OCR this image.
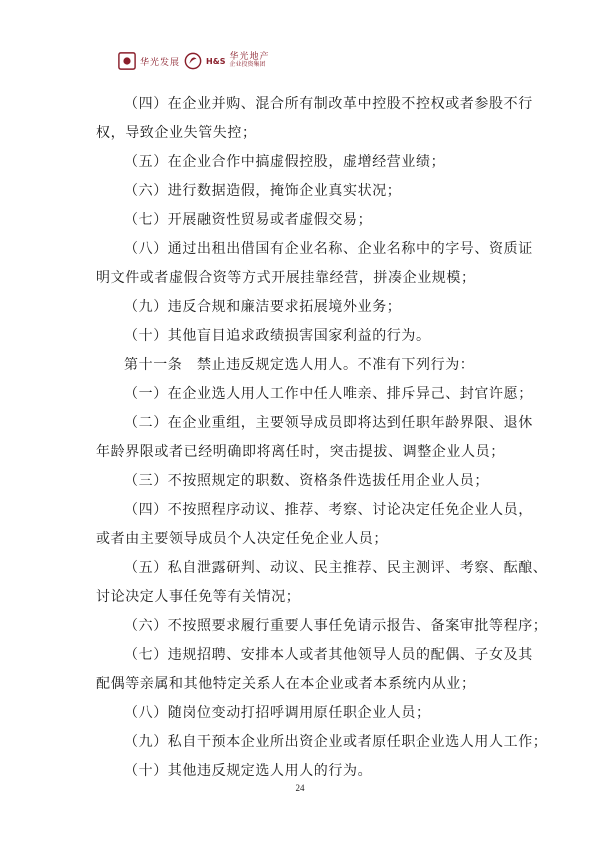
华光发展	H&S 华光地产
企业投资集团
（四）在企业并购、混合所有制改革中控股不控权或者参股不行
权，导致企业失管失控；
（五）在企业合作中搞虚假控股，虚增经营业绩；
（六）进行数据造假，掩饰企业真实状况；
（七）开展融资性贸易或者虚假交易；
（八）通过出租出借国有企业名称、企业名称中的字号、资质证
明文件或者虚假合资等方式开展挂靠经营，拼凑企业规模；
（九）违反合规和廉洁要求拓展境外业务；
（十）其他盲目追求政绩损害国家利益的行为。
第十一条　禁止违反规定选人用人。不准有下列行为：
（一）在企业选人用人工作中任人唯亲、排斥异己、封官许愿；
（二）在企业重组，主要领导成员即将达到任职年龄界限、退休
年龄界限或者已经明确即将离任时，突击提拔、调整企业人员；
（三）不按照规定的职数、资格条件选拔任用企业人员；
（四）不按照程序动议、推荐、考察、讨论决定任免企业人员，
或者由主要领导成员个人决定任免企业人员；
（五）私自泄露研判、动议、民主推荐、民主测评、考察、酝酿、
讨论决定人事任免等有关情况；
（六）不按照要求履行重要人事任免请示报告、备案审批等程序；
（七）违规招聘、安排本人或者其他领导人员的配偶、子女及其
配偶等亲属和其他特定关系人在本企业或者本系统内从业；
（八）随岗位变动打招呼调用原任职企业人员；
（九）私自干预本企业所出资企业或者原任职企业选人用人工作；
（十）其他违反规定选人用人的行为。
24
